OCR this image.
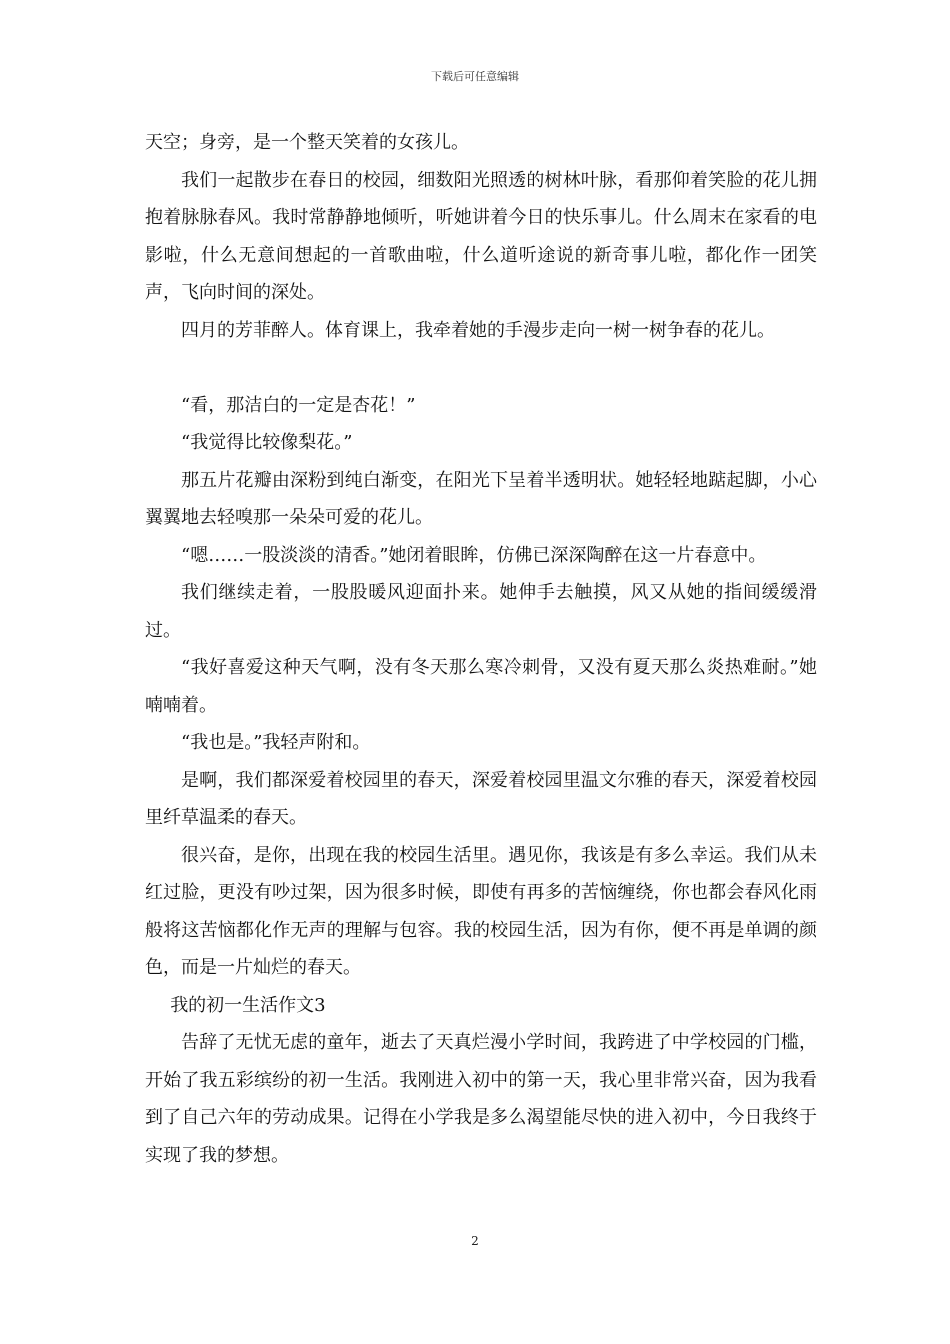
下载后可任意编辑

天空；身旁，是一个整天笑着的女孩儿。

我们一起散步在春日的校园，细数阳光照透的树林叶脉，看那仰着笑脸的花儿拥抱着脉脉春风。我时常静静地倾听，听她讲着今日的快乐事儿。什么周末在家看的电影啦，什么无意间想起的一首歌曲啦，什么道听途说的新奇事儿啦，都化作一团笑声，飞向时间的深处。

四月的芳菲醉人。体育课上，我牵着她的手漫步走向一树一树争春的花儿。

“看，那洁白的一定是杏花！”

“我觉得比较像梨花。”

那五片花瓣由深粉到纯白渐变，在阳光下呈着半透明状。她轻轻地踮起脚，小心翼翼地去轻嗅那一朵朵可爱的花儿。

“嗯……一股淡淡的清香。”她闭着眼眸，仿佛已深深陶醉在这一片春意中。

我们继续走着，一股股暖风迎面扑来。她伸手去触摸，风又从她的指间缓缓滑过。

“我好喜爱这种天气啊，没有冬天那么寒冷刺骨，又没有夏天那么炎热难耐。”她喃喃着。

“我也是。”我轻声附和。

是啊，我们都深爱着校园里的春天，深爱着校园里温文尔雅的春天，深爱着校园里纤草温柔的春天。

很兴奋，是你，出现在我的校园生活里。遇见你，我该是有多么幸运。我们从未红过脸，更没有吵过架，因为很多时候，即使有再多的苦恼缠绕，你也都会春风化雨般将这苦恼都化作无声的理解与包容。我的校园生活，因为有你，便不再是单调的颜色，而是一片灿烂的春天。

我的初一生活作文3

告辞了无忧无虑的童年，逝去了天真烂漫小学时间，我跨进了中学校园的门槛，开始了我五彩缤纷的初一生活。我刚进入初中的第一天，我心里非常兴奋，因为我看到了自己六年的劳动成果。记得在小学我是多么渴望能尽快的进入初中，今日我终于实现了我的梦想。

2
